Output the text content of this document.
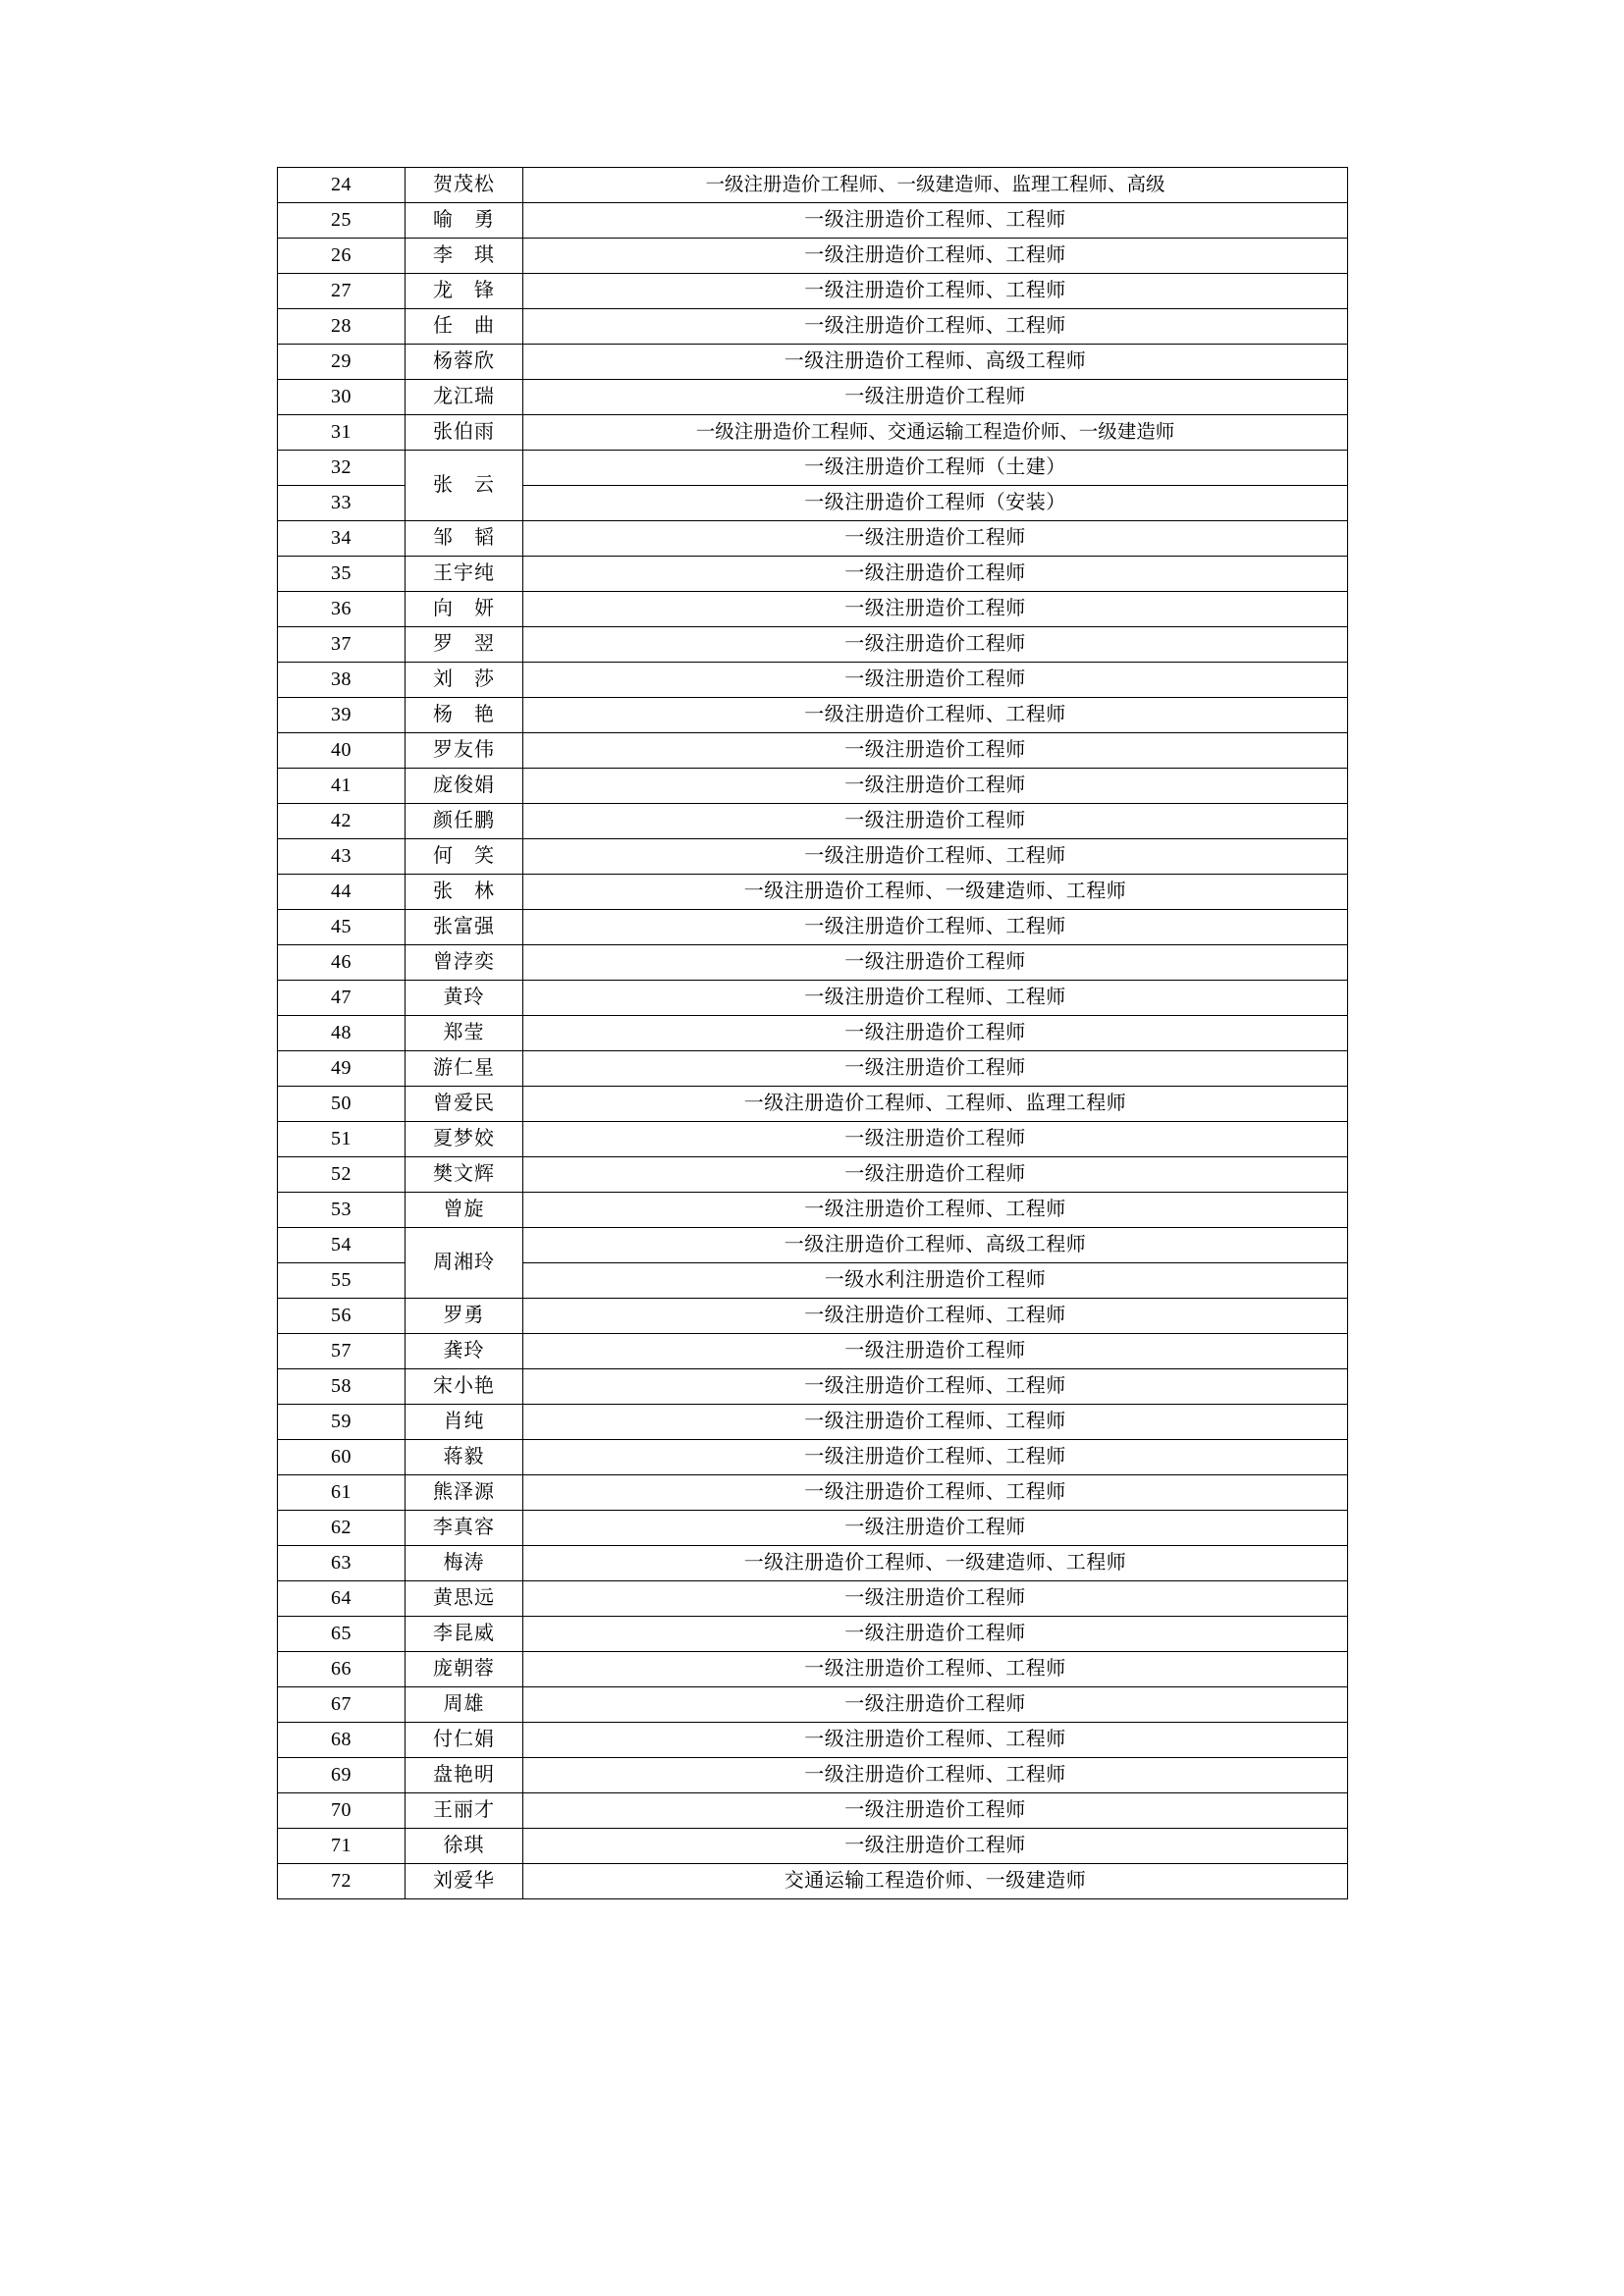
24	贺茂松	一级注册造价工程师、一级建造师、监理工程师、高级
25	喻　勇	一级注册造价工程师、工程师
26	李　琪	一级注册造价工程师、工程师
27	龙　锋	一级注册造价工程师、工程师
28	任　曲	一级注册造价工程师、工程师
29	杨蓉欣	一级注册造价工程师、高级工程师
30	龙江瑞	一级注册造价工程师
31	张伯雨	一级注册造价工程师、交通运输工程造价师、一级建造师
32	张　云	一级注册造价工程师（土建）
33		一级注册造价工程师（安装）
34	邹　韬	一级注册造价工程师
35	王宇纯	一级注册造价工程师
36	向　妍	一级注册造价工程师
37	罗　翌	一级注册造价工程师
38	刘　莎	一级注册造价工程师
39	杨　艳	一级注册造价工程师、工程师
40	罗友伟	一级注册造价工程师
41	庞俊娟	一级注册造价工程师
42	颜任鹏	一级注册造价工程师
43	何　笑	一级注册造价工程师、工程师
44	张　林	一级注册造价工程师、一级建造师、工程师
45	张富强	一级注册造价工程师、工程师
46	曾浡奕	一级注册造价工程师
47	黄玲	一级注册造价工程师、工程师
48	郑莹	一级注册造价工程师
49	游仁星	一级注册造价工程师
50	曾爱民	一级注册造价工程师、工程师、监理工程师
51	夏梦姣	一级注册造价工程师
52	樊文辉	一级注册造价工程师
53	曾旋	一级注册造价工程师、工程师
54	周湘玲	一级注册造价工程师、高级工程师
55		一级水利注册造价工程师
56	罗勇	一级注册造价工程师、工程师
57	龚玲	一级注册造价工程师
58	宋小艳	一级注册造价工程师、工程师
59	肖纯	一级注册造价工程师、工程师
60	蒋毅	一级注册造价工程师、工程师
61	熊泽源	一级注册造价工程师、工程师
62	李真容	一级注册造价工程师
63	梅涛	一级注册造价工程师、一级建造师、工程师
64	黄思远	一级注册造价工程师
65	李昆威	一级注册造价工程师
66	庞朝蓉	一级注册造价工程师、工程师
67	周雄	一级注册造价工程师
68	付仁娟	一级注册造价工程师、工程师
69	盘艳明	一级注册造价工程师、工程师
70	王丽才	一级注册造价工程师
71	徐琪	一级注册造价工程师
72	刘爱华	交通运输工程造价师、一级建造师
